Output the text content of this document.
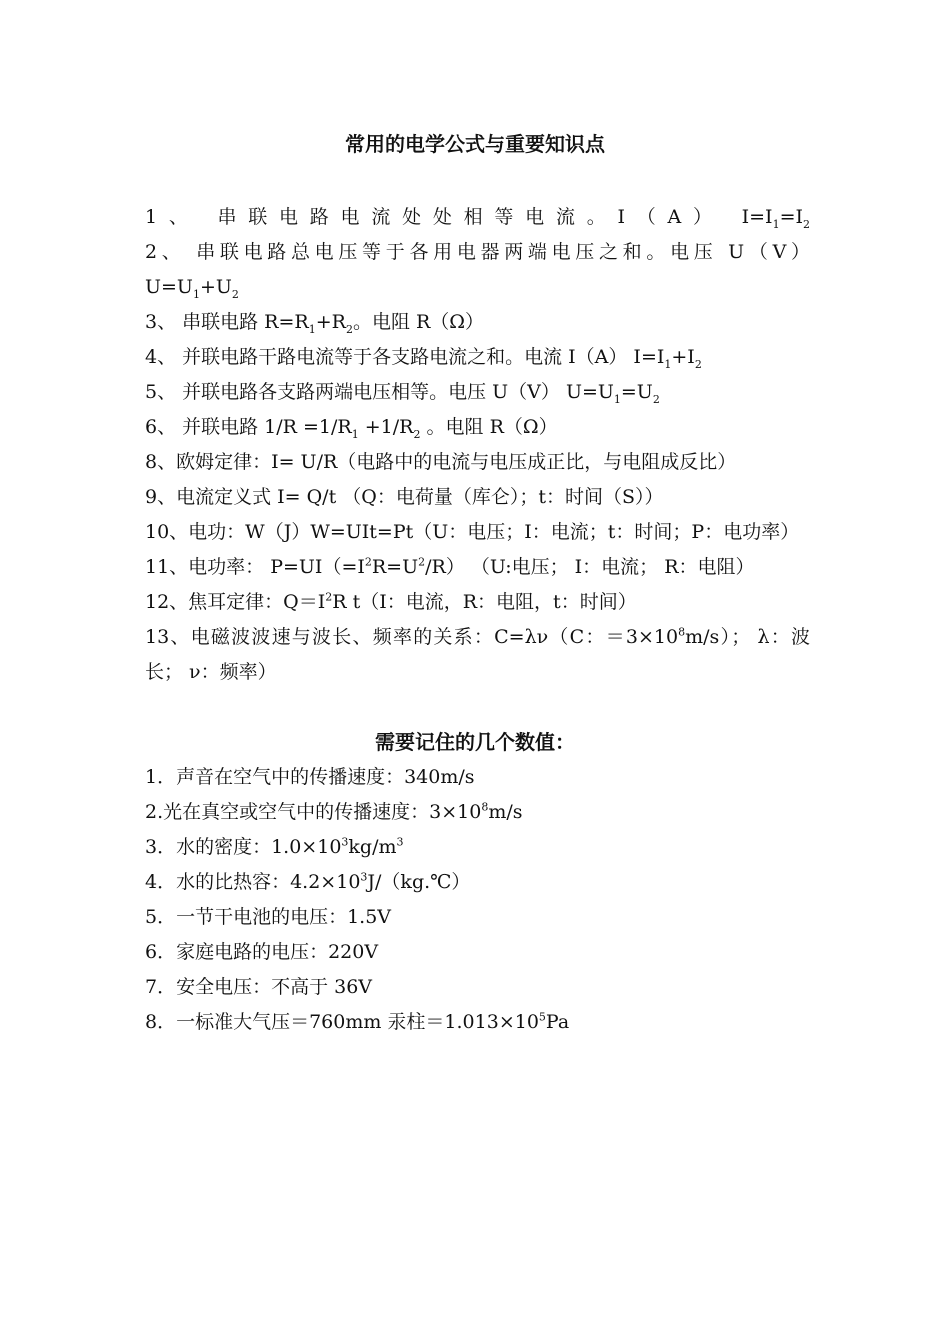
常用的电学公式与重要知识点
1、 串联电路电流处处相等电流。I（A） $I=I_1=I_2$
2、 串联电路总电压等于各用电器两端电压之和。电压 U（V）
$U=U_1+U_2$
3、 串联电路 $R=R_1+R_2$。电阻 R（Ω）
4、 并联电路干路电流等于各支路电流之和。电流 I（A） $I=I_1+I_2$
5、 并联电路各支路两端电压相等。电压 U（V） $U=U_1=U_2$
6、 并联电路 $1/R =1/R_1 +1/R_2$ 。电阻 R（Ω）
8、欧姆定律：I= U/R（电路中的电流与电压成正比，与电阻成反比）
9、电流定义式 I= Q/t （Q：电荷量（库仑）；t：时间（S））
10、电功：W（J）W=UIt=Pt（U：电压；I：电流；t：时间；P：电功率）
11、电功率： $P=UI(=I^2R=U^2/R)$ （U:电压； I：电流； R：电阻）
12、焦耳定律：$Q=I^2R$ t（I：电流，R：电阻，t：时间）
13、电磁波波速与波长、频率的关系：C=λν（C：$=3\times 10^8m/s$）； λ：波
长； ν：频率）
需要记住的几个数值：
1．声音在空气中的传播速度：340m/s
2.光在真空或空气中的传播速度：$3\times 10^8m/s$
3．水的密度：$1.0\times 10^3kg/m^3$
4．水的比热容：$4.2\times 10^3J/(kg.℃)$
5．一节干电池的电压：1.5V
6．家庭电路的电压：220V
7．安全电压：不高于 36V
8．一标准大气压＝760mm 汞柱$=1.013\times 10^5Pa$
